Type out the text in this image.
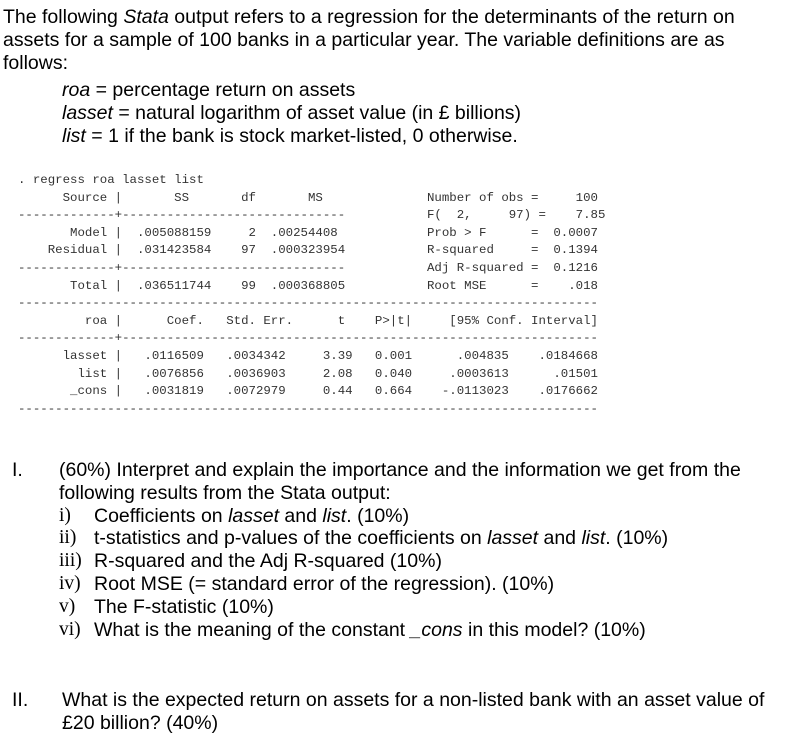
The following Stata output refers to a regression for the determinants of the return on assets for a sample of 100 banks in a particular year. The variable definitions are as follows:
roa = percentage return on assets
lasset = natural logarithm of asset value (in £ billions)
list = 1 if the bank is stock market-listed, 0 otherwise.
. regress roa lasset list
Source |       SS       df       MS              Number of obs =     100
-------------+------------------------------           F(  2,     97) =    7.85
Model |  .005088159     2  .00254408            Prob > F      =  0.0007
Residual |  .031423584    97  .000323954           R-squared     =  0.1394
-------------+------------------------------           Adj R-squared =  0.1216
Total |  .036511744    99  .000368805           Root MSE      =    .018
------------------------------------------------------------------------------
roa |      Coef.   Std. Err.      t    P>|t|     [95% Conf. Interval]
-------------+----------------------------------------------------------------
lasset |   .0116509   .0034342     3.39   0.001      .004835    .0184668
list |   .0076856   .0036903     2.08   0.040     .0003613      .01501
_cons |   .0031819   .0072979     0.44   0.664    -.0113023    .0176662
------------------------------------------------------------------------------
I. (60%) Interpret and explain the importance and the information we get from the following results from the Stata output:
i) Coefficients on lasset and list. (10%)
ii) t-statistics and p-values of the coefficients on lasset and list. (10%)
iii) R-squared and the Adj R-squared (10%)
iv) Root MSE (= standard error of the regression). (10%)
v) The F-statistic (10%)
vi) What is the meaning of the constant _cons in this model? (10%)
II. What is the expected return on assets for a non-listed bank with an asset value of £20 billion? (40%)
